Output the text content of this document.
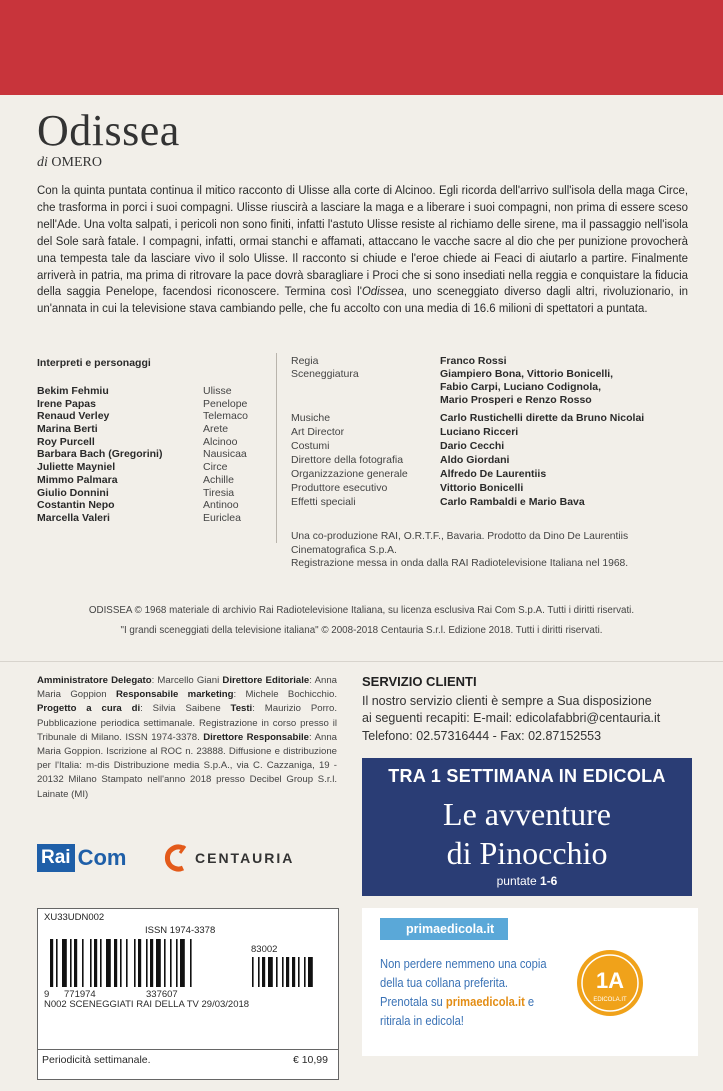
Odissea
di OMERO
Con la quinta puntata continua il mitico racconto di Ulisse alla corte di Alcinoo. Egli ricorda dell'arrivo sull'isola della maga Circe, che trasforma in porci i suoi compagni. Ulisse riuscirà a lasciare la maga e a liberare i suoi compagni, non prima di essere sceso nell'Ade. Una volta salpati, i pericoli non sono finiti, infatti l'astuto Ulisse resiste al richiamo delle sirene, ma il passaggio nell'isola del Sole sarà fatale. I compagni, infatti, ormai stanchi e affamati, attaccano le vacche sacre al dio che per punizione provocherà una tempesta tale da lasciare vivo il solo Ulisse. Il racconto si chiude e l'eroe chiede ai Feaci di aiutarlo a partire. Finalmente arriverà in patria, ma prima di ritrovare la pace dovrà sbaragliare i Proci che si sono insediati nella reggia e conquistare la fiducia della saggia Penelope, facendosi riconoscere. Termina così l'Odissea, uno sceneggiato diverso dagli altri, rivoluzionario, in un'annata in cui la televisione stava cambiando pelle, che fu accolto con una media di 16.6 milioni di spettatori a puntata.
Interpreti e personaggi
Bekim Fehmiu	Ulisse
Irene Papas	Penelope
Renaud Verley	Telemaco
Marina Berti	Arete
Roy Purcell	Alcinoo
Barbara Bach (Gregorini)	Nausicaa
Juliette Mayniel	Circe
Mimmo Palmara	Achille
Giulio Donnini	Tiresia
Costantin Nepo	Antinoo
Marcella Valeri	Euriclea
Regia	Franco Rossi
Sceneggiatura	Giampiero Bona, Vittorio Bonicelli,
Fabio Carpi, Luciano Codignola,
Mario Prosperi e Renzo Rosso
Musiche	Carlo Rustichelli dirette da Bruno Nicolai
Art Director	Luciano Ricceri
Costumi	Dario Cecchi
Direttore della fotografia	Aldo Giordani
Organizzazione generale	Alfredo De Laurentiis
Produttore esecutivo	Vittorio Bonicelli
Effetti speciali	Carlo Rambaldi e Mario Bava
Una co-produzione RAI, O.R.T.F., Bavaria. Prodotto da Dino De Laurentiis
Cinematografica S.p.A.
Registrazione messa in onda dalla RAI Radiotelevisione Italiana nel 1968.
ODISSEA © 1968 materiale di archivio Rai Radiotelevisione Italiana, su licenza esclusiva Rai Com S.p.A. Tutti i diritti riservati.
"I grandi sceneggiati della televisione italiana" © 2008-2018 Centauria S.r.l. Edizione 2018. Tutti i diritti riservati.
Amministratore Delegato: Marcello Giani Direttore Editoriale: Anna Maria Goppion Responsabile marketing: Michele Bochicchio. Progetto a cura di: Silvia Saibene Testi: Maurizio Porro. Pubblicazione periodica settimanale. Registrazione in corso presso il Tribunale di Milano. ISSN 1974-3378. Direttore Responsabile: Anna Maria Goppion. Iscrizione al ROC n. 23888. Diffusione e distribuzione per l'Italia: m-dis Distribuzione media S.p.A., via C. Cazzaniga, 19 - 20132 Milano Stampato nell'anno 2018 presso Decibel Group S.r.l. Lainate (MI)
SERVIZIO CLIENTI
Il nostro servizio clienti è sempre a Sua disposizione
ai seguenti recapiti: E-mail: edicolafabbri@centauria.it
Telefono: 02.57316444 - Fax: 02.87152553
TRA 1 SETTIMANA IN EDICOLA
Le avventure
di Pinocchio
puntate 1-6
Rai Com	CENTAURIA
XU33UDN002
ISSN 1974-3378
83002
9 771974	337607
N002 SCENEGGIATI RAI DELLA TV 29/03/2018
Periodicità settimanale.	€ 10,99
primaedicola.it
Non perdere nemmeno una copia
della tua collana preferita.
Prenotala su primaedicola.it e
ritirala in edicola!
1A
EDICOLA.IT
